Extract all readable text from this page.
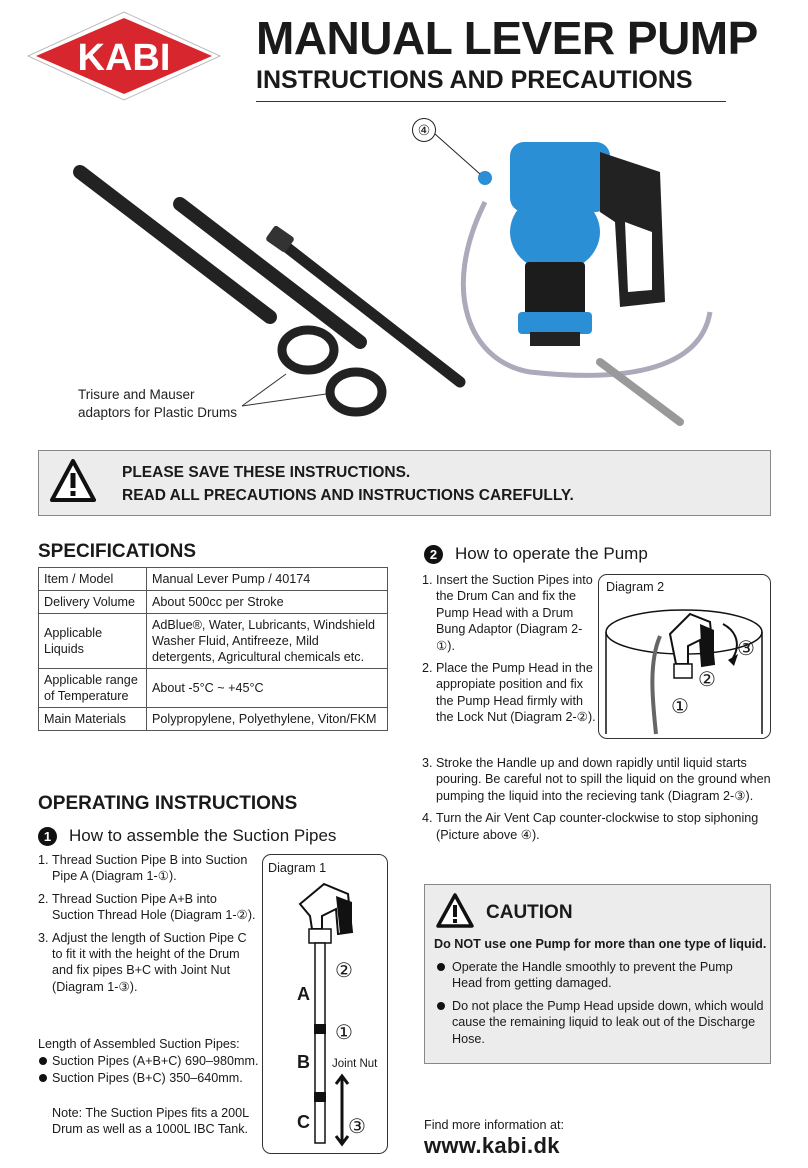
KABI MANUAL LEVER PUMP
INSTRUCTIONS AND PRECAUTIONS
④
Trisure and Mauser
adaptors for Plastic Drums
PLEASE SAVE THESE INSTRUCTIONS.
READ ALL PRECAUTIONS AND INSTRUCTIONS CAREFULLY.
SPECIFICATIONS
Item / Model	Manual Lever Pump / 40174
Delivery Volume	About 500cc per Stroke
Applicable Liquids	AdBlue®, Water, Lubricants, Windshield Washer Fluid, Antifreeze, Mild detergents, Agricultural chemicals etc.
Applicable range of Temperature	About -5°C ~ +45°C
Main Materials	Polypropylene, Polyethylene, Viton/FKM
OPERATING INSTRUCTIONS
1	How to assemble the Suction Pipes
1. Thread Suction Pipe B into Suction Pipe A (Diagram 1-①).
2. Thread Suction Pipe A+B into Suction Thread Hole (Diagram 1-②).
3. Adjust the length of Suction Pipe C to fit it with the height of the Drum and fix pipes B+C with Joint Nut (Diagram 1-③).
Length of Assembled Suction Pipes:
Suction Pipes (A+B+C) 690–980mm.
Suction Pipes (B+C) 350–640mm.
Note: The Suction Pipes fits a 200L Drum as well as a 1000L IBC Tank.
Diagram 1
A
B
C
②
①
③
Joint Nut
2	How to operate the Pump
1. Insert the Suction Pipes into the Drum Can and fix the Pump Head with a Drum Bung Adaptor (Diagram 2-①).
2. Place the Pump Head in the appropiate position and fix the Pump Head firmly with the Lock Nut (Diagram 2-②).
3. Stroke the Handle up and down rapidly until liquid starts pouring. Be careful not to spill the liquid on the ground when pumping the liquid into the recieving tank (Diagram 2-③).
4. Turn the Air Vent Cap counter-clockwise to stop siphoning (Picture above ④).
Diagram 2
③
②
①
CAUTION
Do NOT use one Pump for more than one type of liquid.
Operate the Handle smoothly to prevent the Pump Head from getting damaged.
Do not place the Pump Head upside down, which would cause the remaining liquid to leak out of the Discharge Hose.
Find more information at:
www.kabi.dk
